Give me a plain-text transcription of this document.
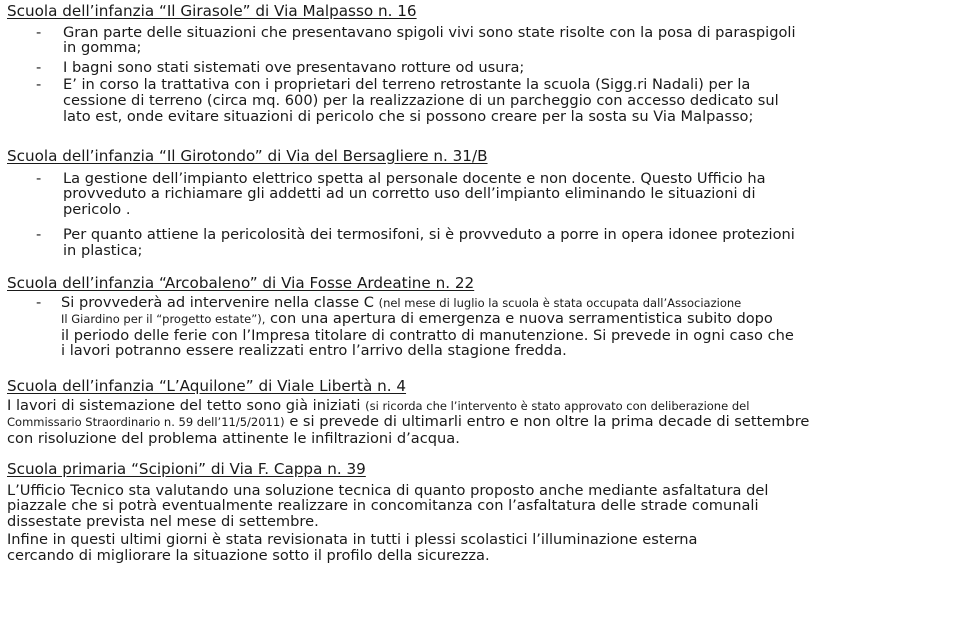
Scuola dell’infanzia “Il Girasole” di Via Malpasso n. 16
- Gran parte delle situazioni che presentavano spigoli vivi sono state risolte con la posa di paraspigoli
in gomma;
- I bagni sono stati sistemati ove presentavano rotture od usura;
- E’ in corso la trattativa con i proprietari del terreno retrostante la scuola (Sigg.ri Nadali) per la
cessione di terreno (circa mq. 600) per la realizzazione di un parcheggio con accesso dedicato sul
lato est, onde evitare situazioni di pericolo che si possono creare per la sosta su Via Malpasso;
Scuola dell’infanzia “Il Girotondo” di Via del Bersagliere n. 31/B
- La gestione dell’impianto elettrico spetta al personale docente e non docente. Questo Ufficio ha
provveduto a richiamare gli addetti ad un corretto uso dell’impianto eliminando le situazioni di
pericolo .
- Per quanto attiene la pericolosità dei termosifoni, si è provveduto a porre in opera idonee protezioni
in plastica;
Scuola dell’infanzia “Arcobaleno” di Via Fosse Ardeatine n. 22
- Si provvederà ad intervenire nella classe C (nel mese di luglio la scuola è stata occupata dall’Associazione
Il Giardino per il “progetto estate”), con una apertura di emergenza e nuova serramentistica subito dopo
il periodo delle ferie con l’Impresa titolare di contratto di manutenzione. Si prevede in ogni caso che
i lavori potranno essere realizzati entro l’arrivo della stagione fredda.
Scuola dell’infanzia “L’Aquilone” di Viale Libertà n. 4
I lavori di sistemazione del tetto sono già iniziati (si ricorda che l’intervento è stato approvato con deliberazione del
Commissario Straordinario n. 59 dell’11/5/2011) e si prevede di ultimarli entro e non oltre la prima decade di settembre
con risoluzione del problema attinente le infiltrazioni d’acqua.
Scuola primaria “Scipioni” di Via F. Cappa n. 39
L’Ufficio Tecnico sta valutando una soluzione tecnica di quanto proposto anche mediante asfaltatura del
piazzale che si potrà eventualmente realizzare in concomitanza con l’asfaltatura delle strade comunali
dissestate prevista nel mese di settembre.
Infine in questi ultimi giorni è stata revisionata in tutti i plessi scolastici l’illuminazione esterna
cercando di migliorare la situazione sotto il profilo della sicurezza.
